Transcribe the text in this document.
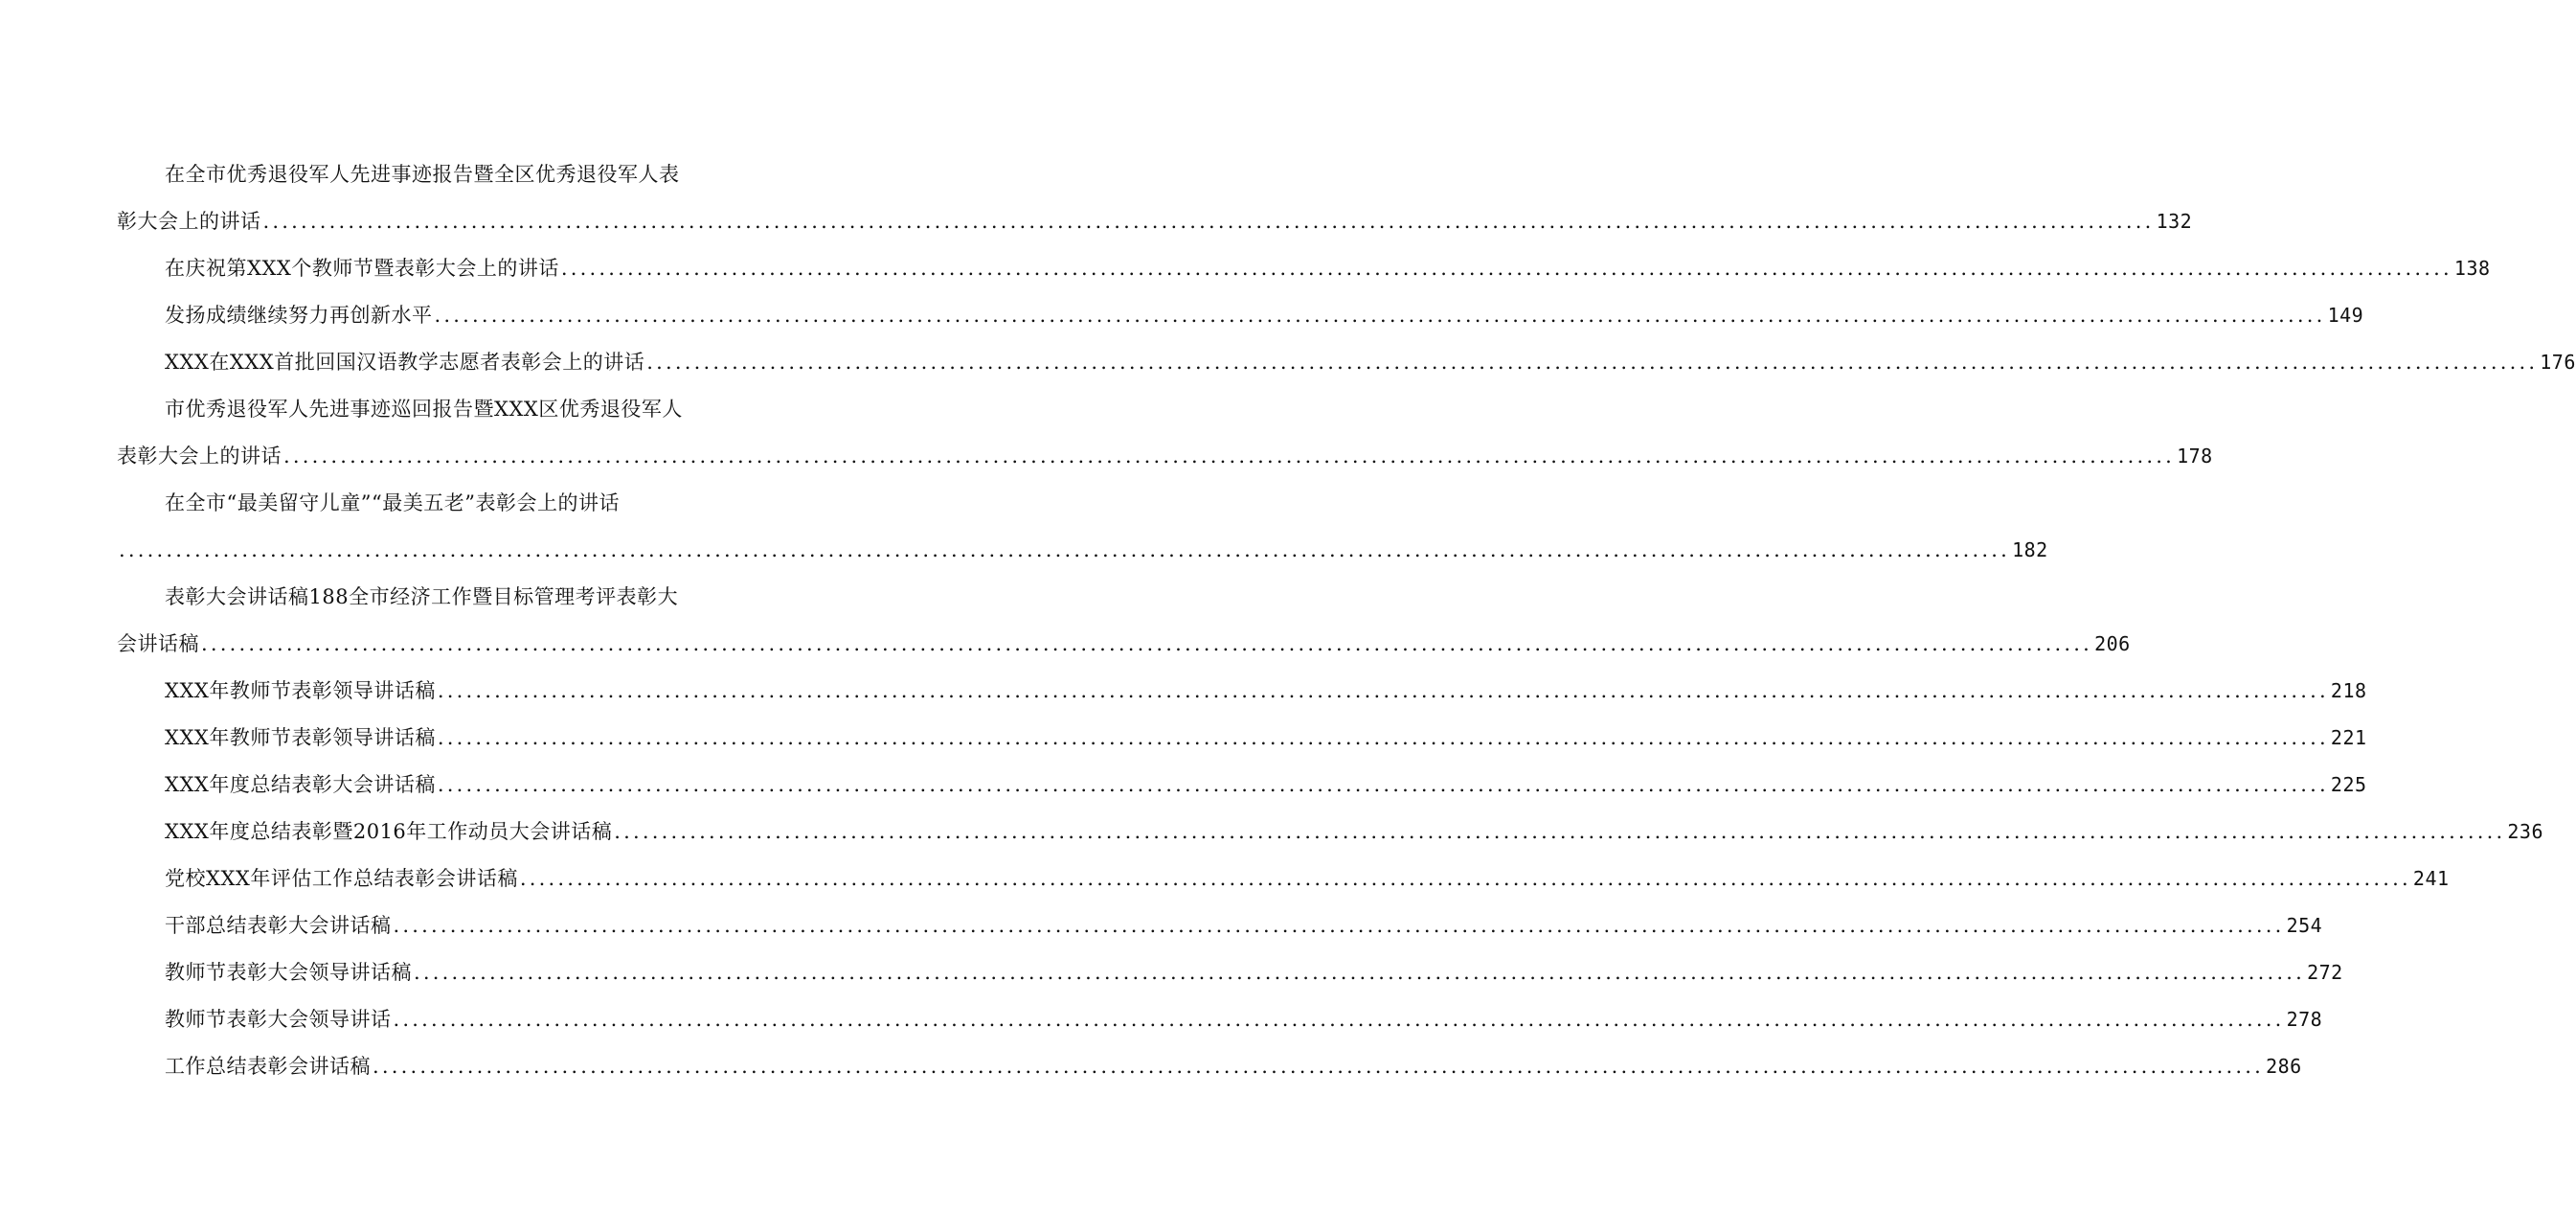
在全市优秀退役军人先进事迹报告暨全区优秀退役军人表
彰大会上的讲话 ........................................................................................................................................................................................................ 132
在庆祝第XXX个教师节暨表彰大会上的讲话 ........................................................................................................................................................................................................ 138
发扬成绩继续努力再创新水平 ........................................................................................................................................................................................................ 149
XXX在XXX首批回国汉语教学志愿者表彰会上的讲话 ........................................................................................................................................................................................................ 176
市优秀退役军人先进事迹巡回报告暨XXX区优秀退役军人
表彰大会上的讲话 ........................................................................................................................................................................................................ 178
在全市“最美留守儿童”“最美五老”表彰会上的讲话
........................................................................................................................................................................................................ 182
表彰大会讲话稿188全市经济工作暨目标管理考评表彰大
会讲话稿 ........................................................................................................................................................................................................ 206
XXX年教师节表彰领导讲话稿 ........................................................................................................................................................................................................ 218
XXX年教师节表彰领导讲话稿 ........................................................................................................................................................................................................ 221
XXX年度总结表彰大会讲话稿 ........................................................................................................................................................................................................ 225
XXX年度总结表彰暨2016年工作动员大会讲话稿 ........................................................................................................................................................................................................ 236
党校XXX年评估工作总结表彰会讲话稿 ........................................................................................................................................................................................................ 241
干部总结表彰大会讲话稿 ........................................................................................................................................................................................................ 254
教师节表彰大会领导讲话稿 ........................................................................................................................................................................................................ 272
教师节表彰大会领导讲话 ........................................................................................................................................................................................................ 278
工作总结表彰会讲话稿 ........................................................................................................................................................................................................ 286
